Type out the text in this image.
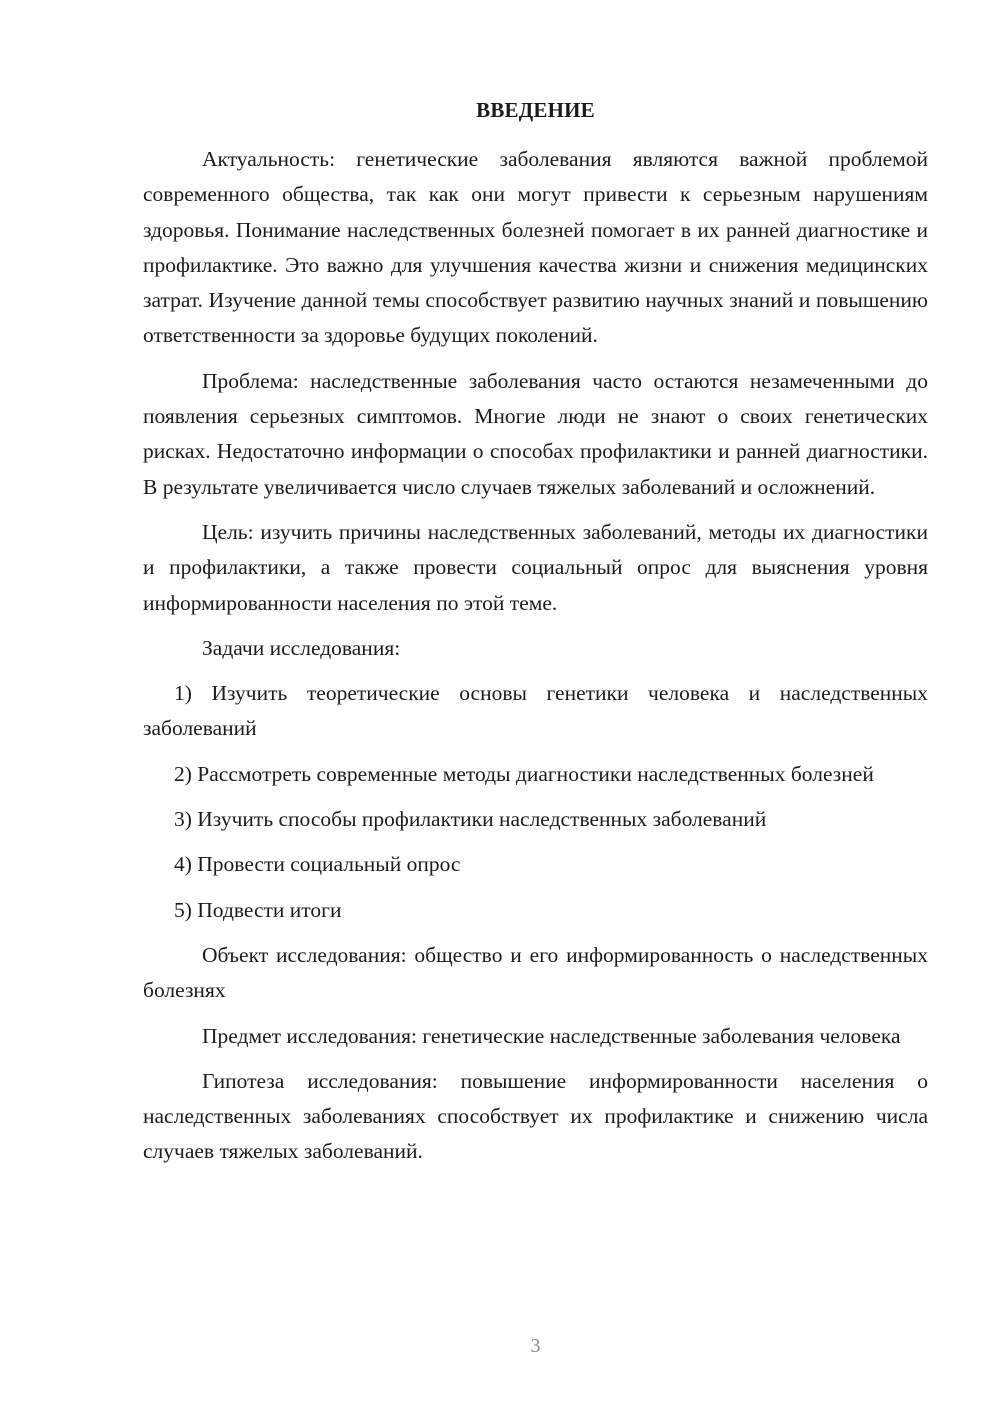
ВВЕДЕНИЕ

Актуальность: генетические заболевания являются важной проблемой современного общества, так как они могут привести к серьезным нарушениям здоровья. Понимание наследственных болезней помогает в их ранней диагностике и профилактике. Это важно для улучшения качества жизни и снижения медицинских затрат. Изучение данной темы способствует развитию научных знаний и повышению ответственности за здоровье будущих поколений.

Проблема: наследственные заболевания часто остаются незамеченными до появления серьезных симптомов. Многие люди не знают о своих генетических рисках. Недостаточно информации о способах профилактики и ранней диагностики. В результате увеличивается число случаев тяжелых заболеваний и осложнений.

Цель: изучить причины наследственных заболеваний, методы их диагностики и профилактики, а также провести социальный опрос для выяснения уровня информированности населения по этой теме.

Задачи исследования:

1) Изучить теоретические основы генетики человека и наследственных заболеваний

2) Рассмотреть современные методы диагностики наследственных болезней

3) Изучить способы профилактики наследственных заболеваний

4) Провести социальный опрос

5) Подвести итоги

Объект исследования: общество и его информированность о наследственных болезнях

Предмет исследования: генетические наследственные заболевания человека

Гипотеза исследования: повышение информированности населения о наследственных заболеваниях способствует их профилактике и снижению числа случаев тяжелых заболеваний.

3
